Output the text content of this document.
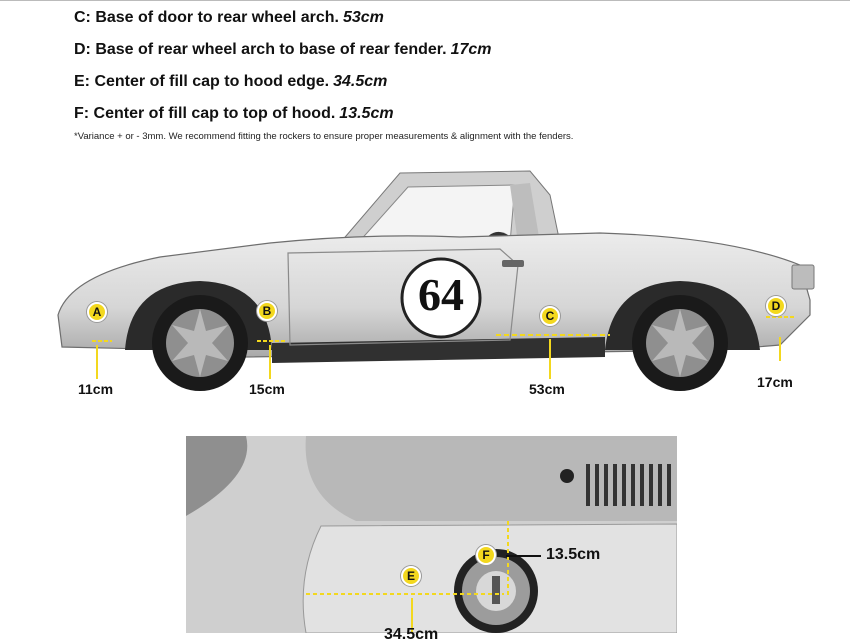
C: Base of door to rear wheel arch. 53cm
D: Base of rear wheel arch to base of rear fender. 17cm
E: Center of fill cap to hood edge. 34.5cm
F: Center of fill cap to top of hood. 13.5cm
*Variance + or - 3mm. We recommend fitting the rockers to ensure proper measurements & alignment with the fenders.
64
A	B	C
D
11cm	15cm	53cm	17cm
E
F	13.5cm
34.5cm
